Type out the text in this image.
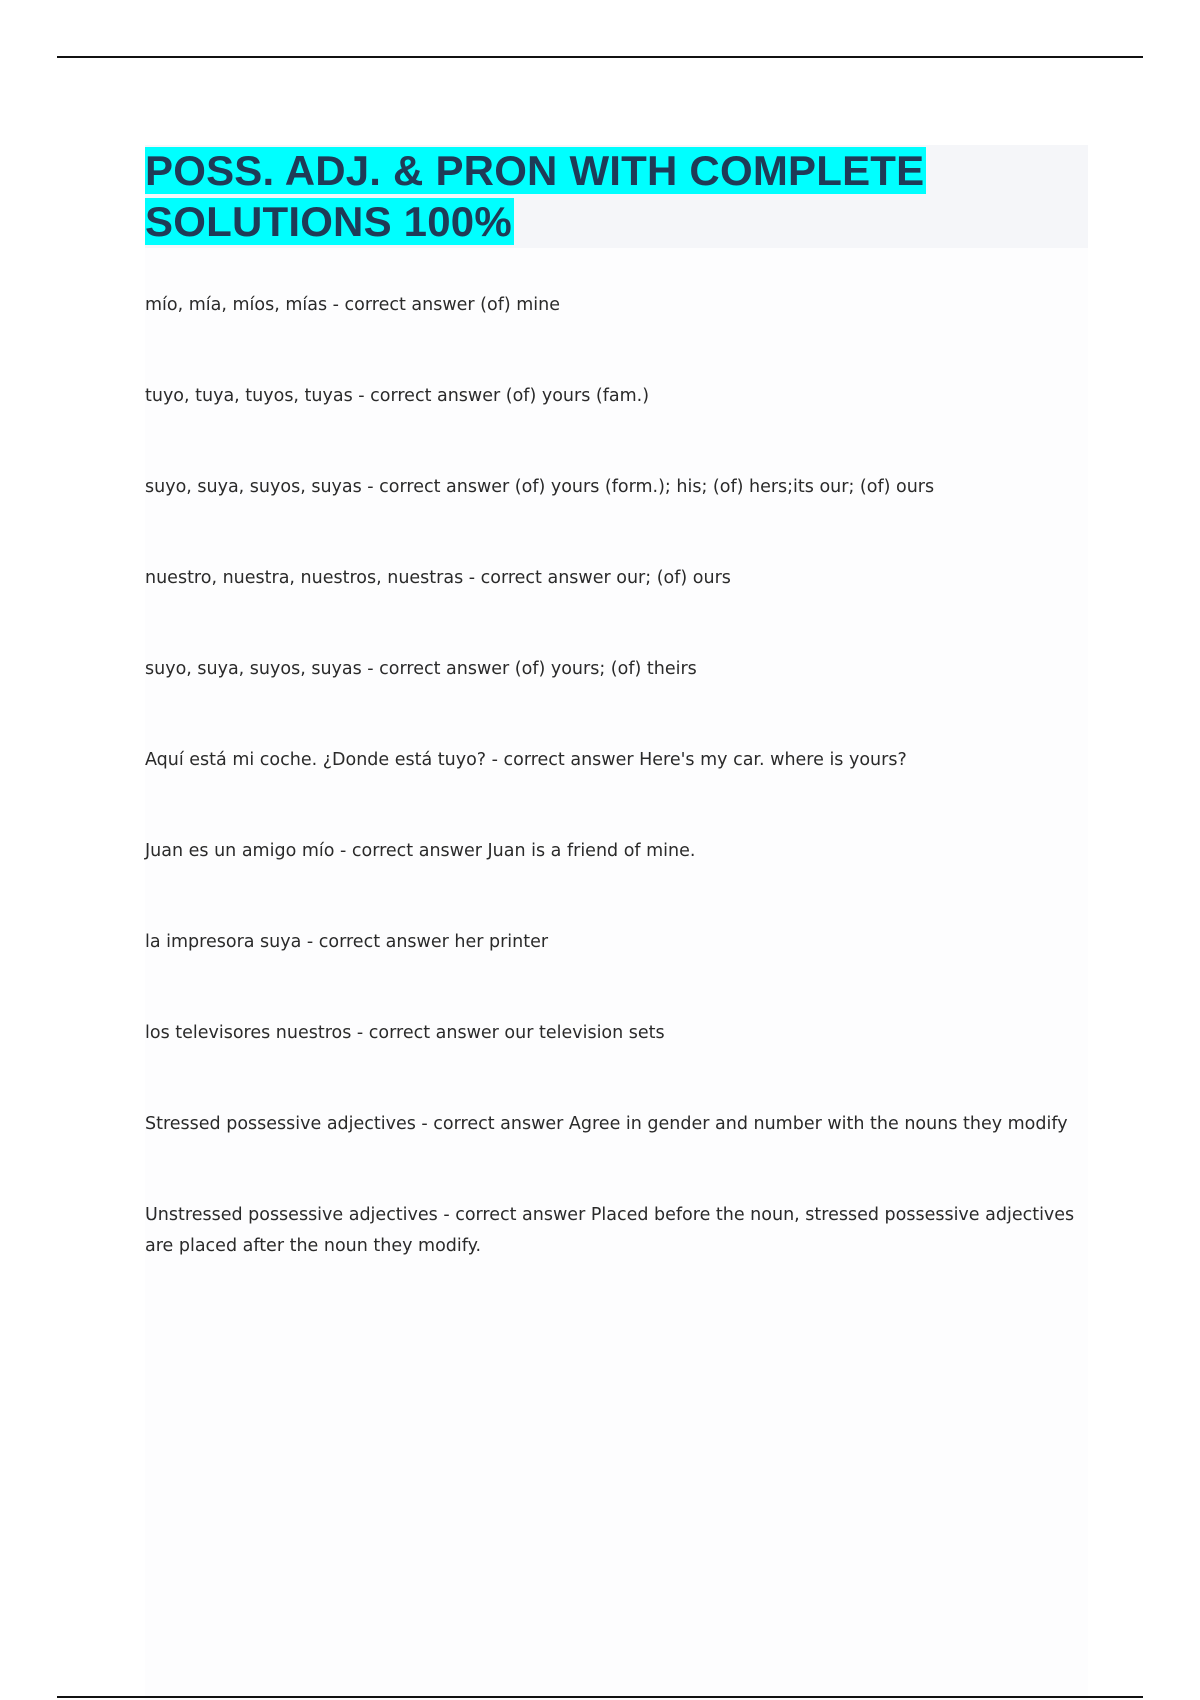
POSS. ADJ. & PRON WITH COMPLETE
SOLUTIONS 100%
mío, mía, míos, mías - correct answer (of) mine
tuyo, tuya, tuyos, tuyas - correct answer (of) yours (fam.)
suyo, suya, suyos, suyas - correct answer (of) yours (form.); his; (of) hers;its our; (of) ours
nuestro, nuestra, nuestros, nuestras - correct answer our; (of) ours
suyo, suya, suyos, suyas - correct answer (of) yours; (of) theirs
Aquí está mi coche. ¿Donde está tuyo? - correct answer Here's my car. where is yours?
Juan es un amigo mío - correct answer Juan is a friend of mine.
la impresora suya - correct answer her printer
los televisores nuestros - correct answer our television sets
Stressed possessive adjectives - correct answer Agree in gender and number with the nouns they modify
Unstressed possessive adjectives - correct answer Placed before the noun, stressed possessive adjectives are placed after the noun they modify.
